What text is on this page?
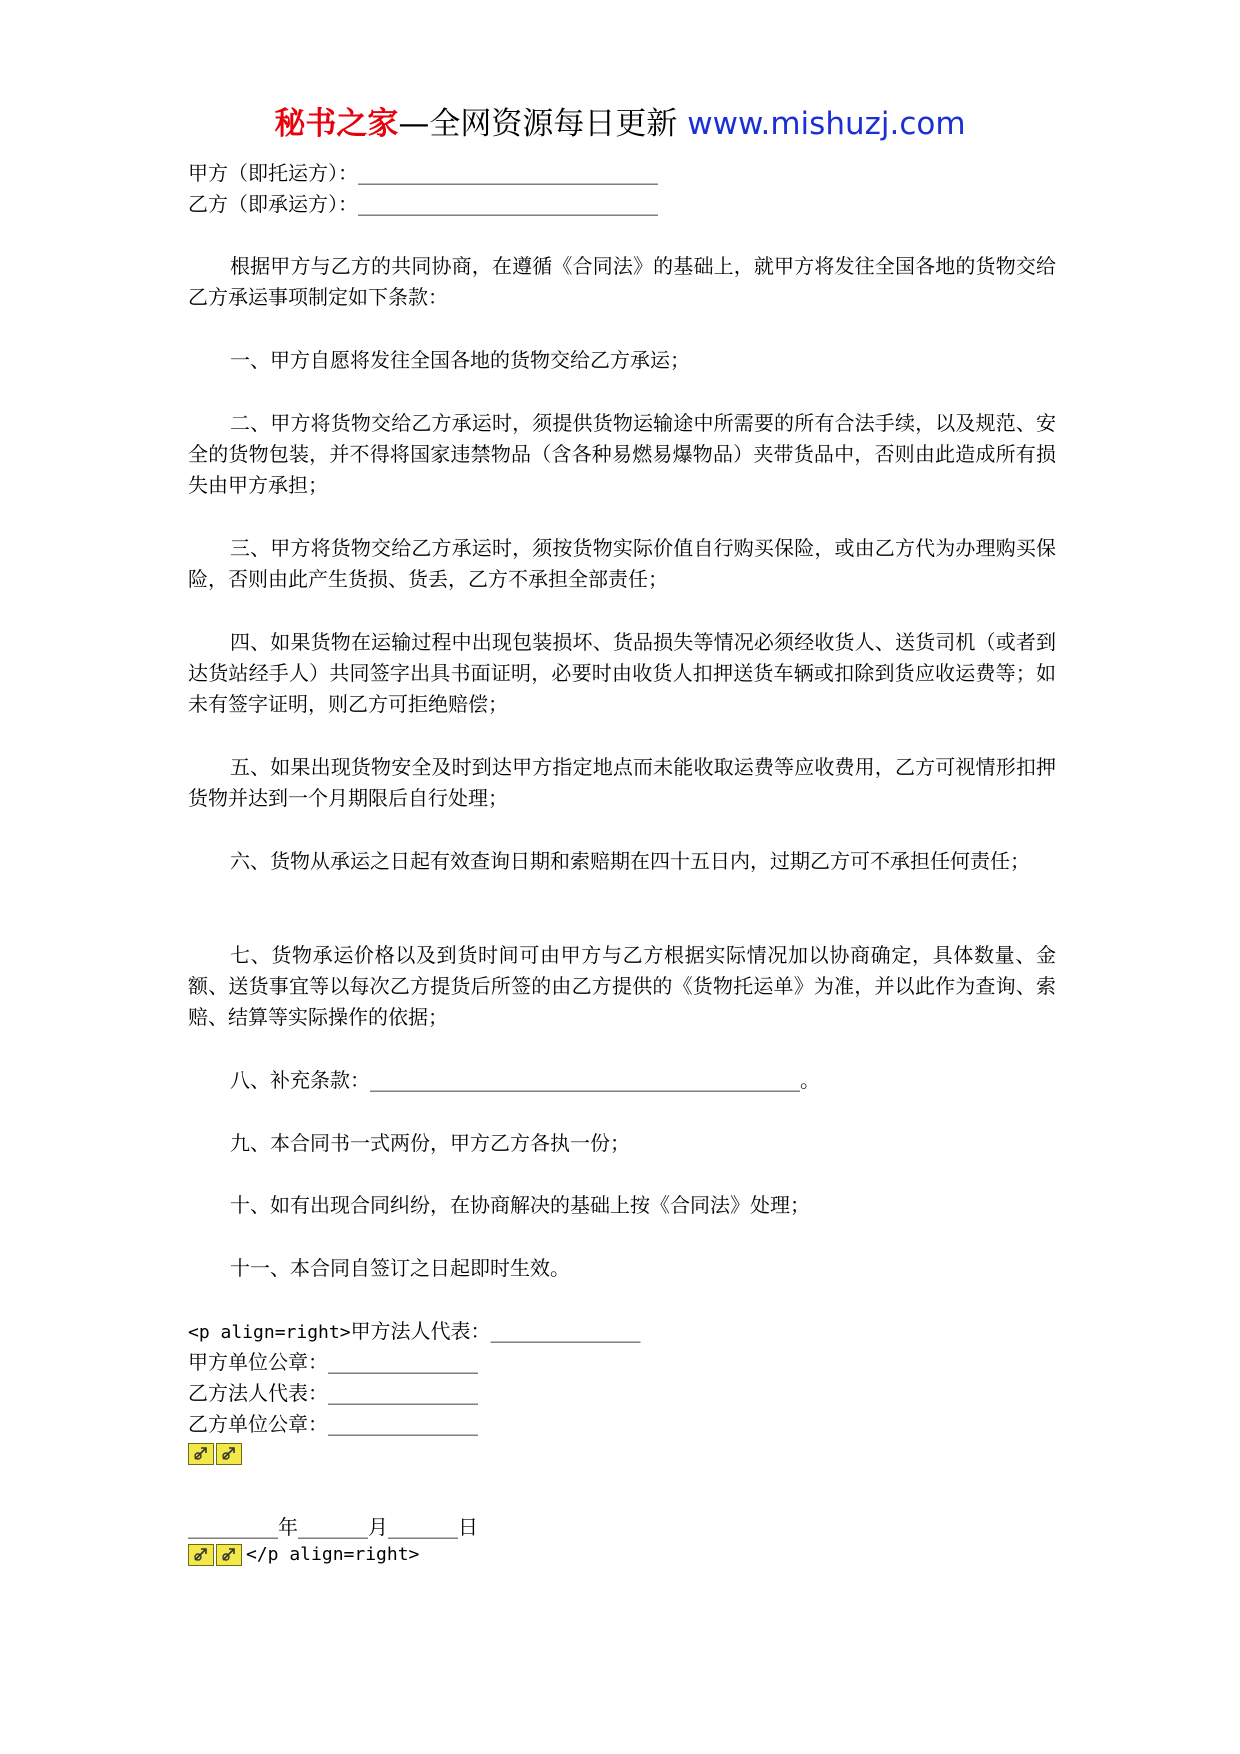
秘书之家—全网资源每日更新 www.mishuzj.com
甲方（即托运方）：______________________________
乙方（即承运方）：______________________________

根据甲方与乙方的共同协商，在遵循《合同法》的基础上，就甲方将发往全国各地的货物交给乙方承运事项制定如下条款：

一、甲方自愿将发往全国各地的货物交给乙方承运；

二、甲方将货物交给乙方承运时，须提供货物运输途中所需要的所有合法手续，以及规范、安全的货物包装，并不得将国家违禁物品（含各种易燃易爆物品）夹带货品中，否则由此造成所有损失由甲方承担；

三、甲方将货物交给乙方承运时，须按货物实际价值自行购买保险，或由乙方代为办理购买保险，否则由此产生货损、货丢，乙方不承担全部责任；

四、如果货物在运输过程中出现包装损坏、货品损失等情况必须经收货人、送货司机（或者到达货站经手人）共同签字出具书面证明，必要时由收货人扣押送货车辆或扣除到货应收运费等；如未有签字证明，则乙方可拒绝赔偿；

五、如果出现货物安全及时到达甲方指定地点而未能收取运费等应收费用，乙方可视情形扣押货物并达到一个月期限后自行处理；

六、货物从承运之日起有效查询日期和索赔期在四十五日内，过期乙方可不承担任何责任；

七、货物承运价格以及到货时间可由甲方与乙方根据实际情况加以协商确定，具体数量、金额、送货事宜等以每次乙方提货后所签的由乙方提供的《货物托运单》为准，并以此作为查询、索赔、结算等实际操作的依据；

八、补充条款：___________________________________________。

九、本合同书一式两份，甲方乙方各执一份；

十、如有出现合同纠纷，在协商解决的基础上按《合同法》处理；

十一、本合同自签订之日起即时生效。

<p align=right>甲方法人代表：_______________
甲方单位公章：_______________
乙方法人代表：_______________
乙方单位公章：_______________
_________年_______月_______日
</p align=right>
